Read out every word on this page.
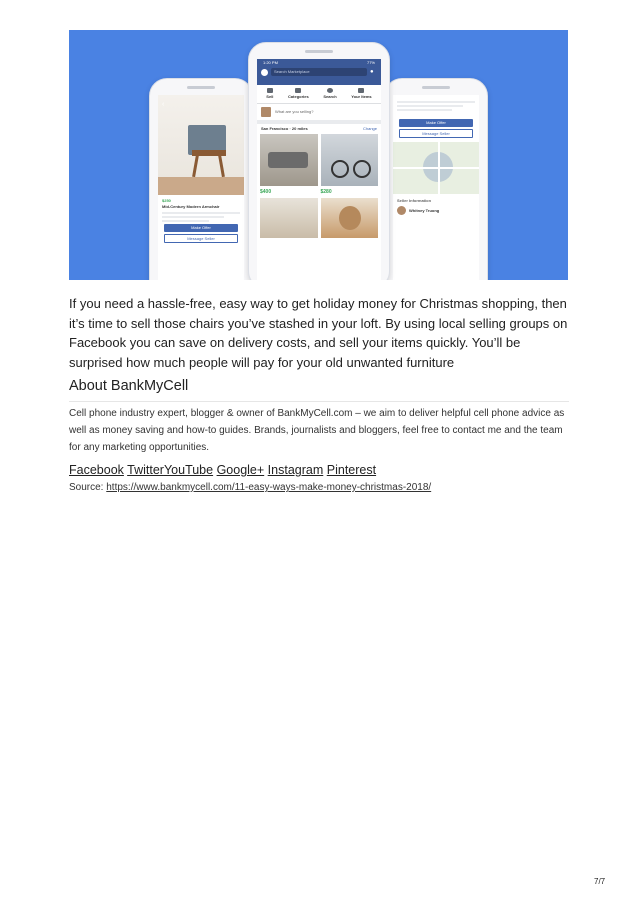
‹
$250
Mid-Century Modern Armchair
Make Offer
Message Seller
Make Offer
Message Seller
Seller Information
Whitney Truong
1:20 PM	77%
Search Marketplace	●
Sell	Categories	Search	Your Items
What are you selling?
San Francisco · 20 miles	Change
$400	$280

If you need a hassle-free, easy way to get holiday money for Christmas shopping, then it’s time to sell those chairs you’ve stashed in your loft. By using local selling groups on Facebook you can save on delivery costs, and sell your items quickly. You’ll be surprised how much people will pay for your old unwanted furniture

About BankMyCell

Cell phone industry expert, blogger & owner of BankMyCell.com – we aim to deliver helpful cell phone advice as well as money saving and how-to guides. Brands, journalists and bloggers, feel free to contact me and the team for any marketing opportunities.

Facebook TwitterYouTube Google+ Instagram Pinterest
Source: https://www.bankmycell.com/11-easy-ways-make-money-christmas-2018/
7/7
